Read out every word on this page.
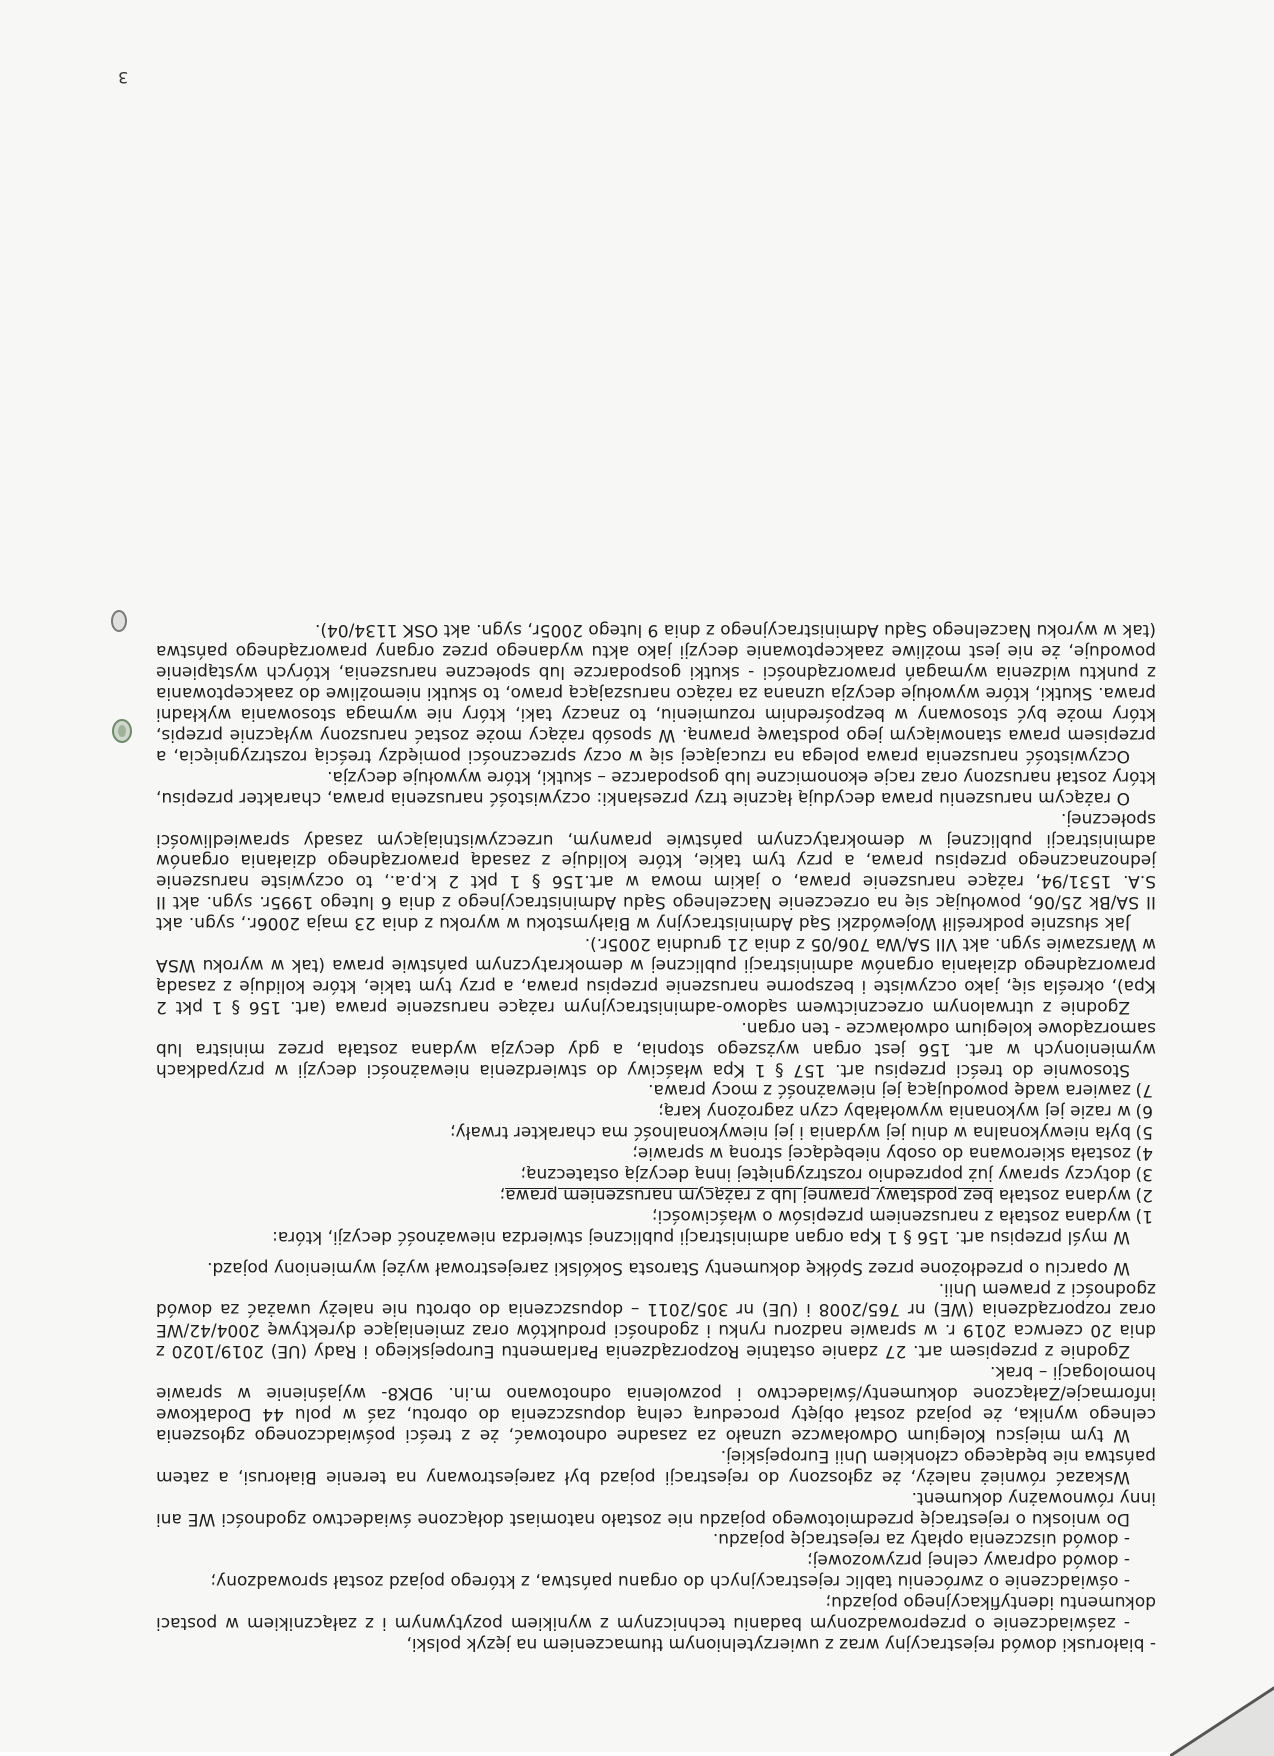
- białoruski dowód rejestracyjny wraz z uwierzytelnionym tłumaczeniem na język polski,

- zaświadczenie o przeprowadzonym badaniu technicznym z wynikiem pozytywnym i z załącznikiem w postaci dokumentu identyfikacyjnego pojazdu;

- oświadczenie o zwróceniu tablic rejestracyjnych do organu państwa, z którego pojazd został sprowadzony;

- dowód odprawy celnej przywozowej;

- dowód uiszczenia opłaty za rejestrację pojazdu.

Do wniosku o rejestrację przedmiotowego pojazdu nie zostało natomiast dołączone świadectwo zgodności WE ani inny równoważny dokument.

Wskazać również należy, że zgłoszony do rejestracji pojazd był zarejestrowany na terenie Białorusi, a zatem państwa nie będącego członkiem Unii Europejskiej.

W tym miejscu Kolegium Odwoławcze uznało za zasadne odnotować, że z treści poświadczonego zgłoszenia celnego wynika, że pojazd został objęty procedurą celną dopuszczenia do obrotu, zaś w polu 44 Dodatkowe informacje/Załączone dokumenty/świadectwo i pozwolenia odnotowano m.in. 9DK8- wyjaśnienie w sprawie homologacji – brak.

Zgodnie z przepisem art. 27 zdanie ostatnie Rozporządzenia Parlamentu Europejskiego i Rady (UE) 2019/1020 z dnia 20 czerwca 2019 r. w sprawie nadzoru rynku i zgodności produktów oraz zmieniające dyrektywę 2004/42/WE oraz rozporządzenia (WE) nr 765/2008 i (UE) nr 305/2011 – dopuszczenia do obrotu nie należy uważać za dowód zgodności z prawem Unii.

W oparciu o przedłożone przez Spółkę dokumenty Starosta Sokólski zarejestrował wyżej wymieniony pojazd.

W myśl przepisu art. 156 § 1 Kpa organ administracji publicznej stwierdza nieważność decyzji, która:

1)wydana została z naruszeniem przepisów o właściwości;
2)wydana została bez podstawy prawnej lub z rażącym naruszeniem prawa;
3)dotyczy sprawy już poprzednio rozstrzygniętej inną decyzją ostateczną;
4)została skierowana do osoby niebędącej stroną w sprawie;
5)była niewykonalna w dniu jej wydania i jej niewykonalność ma charakter trwały;
6)w razie jej wykonania wywołałaby czyn zagrożony karą;
7)zawiera wadę powodującą jej nieważność z mocy prawa.

Stosownie do treści przepisu art. 157 § 1 Kpa właściwy do stwierdzenia nieważności decyzji w przypadkach wymienionych w art. 156 jest organ wyższego stopnia, a gdy decyzja wydana została przez ministra lub samorządowe kolegium odwoławcze - ten organ.

Zgodnie z utrwalonym orzecznictwem sądowo-administracyjnym rażące naruszenie prawa (art. 156 § 1 pkt 2 Kpa), określa się, jako oczywiste i bezsporne naruszenie przepisu prawa, a przy tym takie, które koliduje z zasadą praworządnego działania organów administracji publicznej w demokratycznym państwie prawa (tak w wyroku WSA w Warszawie sygn. akt VII SA/Wa 706/05 z dnia 21 grudnia 2005r.).

Jak słusznie podkreślił Wojewódzki Sąd Administracyjny w Białymstoku w wyroku z dnia 23 maja 2006r., sygn. akt II SA/Bk 25/06, powołując się na orzeczenie Naczelnego Sądu Administracyjnego z dnia 6 lutego 1995r. sygn. akt II S.A. 1531/94, rażące naruszenie prawa, o jakim mowa w art.156 § 1 pkt 2 k.p.a., to oczywiste naruszenie jednoznacznego przepisu prawa, a przy tym takie, które koliduje z zasadą praworządnego działania organów administracji publicznej w demokratycznym państwie prawnym, urzeczywistniającym zasady sprawiedliwości społecznej.

O rażącym naruszeniu prawa decydują łącznie trzy przesłanki: oczywistość naruszenia prawa, charakter przepisu, który został naruszony oraz racje ekonomiczne lub gospodarcze – skutki, które wywołuje decyzja.

Oczywistość naruszenia prawa polega na rzucającej się w oczy sprzeczności pomiędzy treścią rozstrzygnięcia, a przepisem prawa stanowiącym jego podstawę prawną. W sposób rażący może zostać naruszony wyłącznie przepis, który może być stosowany w bezpośrednim rozumieniu, to znaczy taki, który nie wymaga stosowania wykładni prawa. Skutki, które wywołuje decyzja uznana za rażąco naruszającą prawo, to skutki niemożliwe do zaakceptowania z punktu widzenia wymagań praworządności - skutki gospodarcze lub społeczne naruszenia, których wystąpienie powoduje, że nie jest możliwe zaakceptowanie decyzji jako aktu wydanego przez organy praworządnego państwa (tak w wyroku Naczelnego Sądu Administracyjnego z dnia 9 lutego 2005r, sygn. akt OSK 1134/04).

3
